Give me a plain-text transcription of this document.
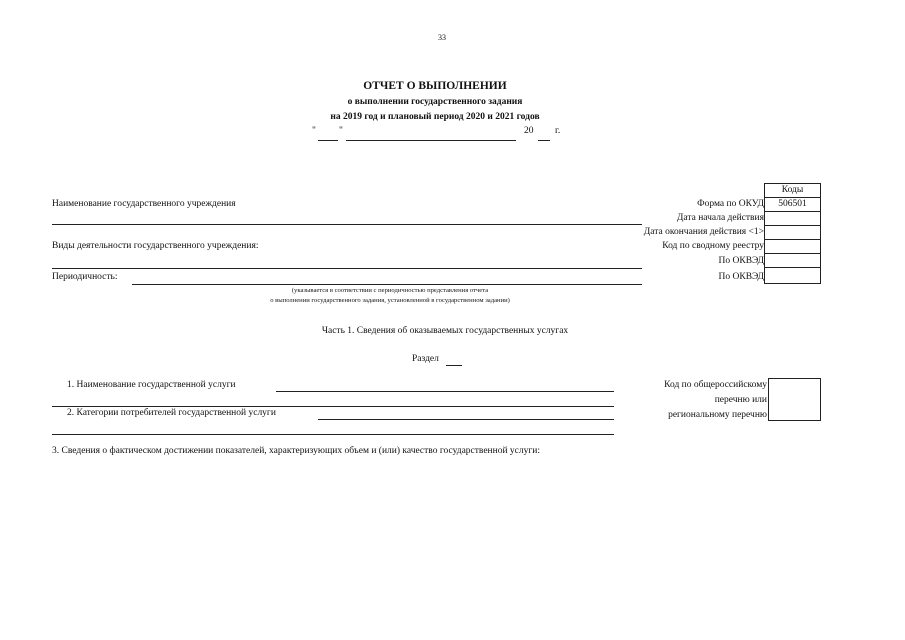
33
ОТЧЕТ О ВЫПОЛНЕНИИ
о выполнении государственного задания
на 2019 год и плановый период 2020 и 2021 годов
" "	20 г.
Коды
506501
Форма по ОКУД
Дата начала действия
Дата окончания действия <1>
Код по сводному реестру
По ОКВЭД
По ОКВЭД
Наименование государственного учреждения
Виды деятельности государственного учреждения:
Периодичность:
(указывается в соответствии с периодичностью представления отчета
о выполнении государственного задания, установленной в государственном задании)
Часть 1. Сведения об оказываемых государственных услугах
Раздел
1. Наименование государственной услуги
2. Категории потребителей государственной услуги
Код по общероссийскому
перечню или
региональному перечню
3. Сведения о фактическом достижении показателей, характеризующих объем и (или) качество государственной услуги:
